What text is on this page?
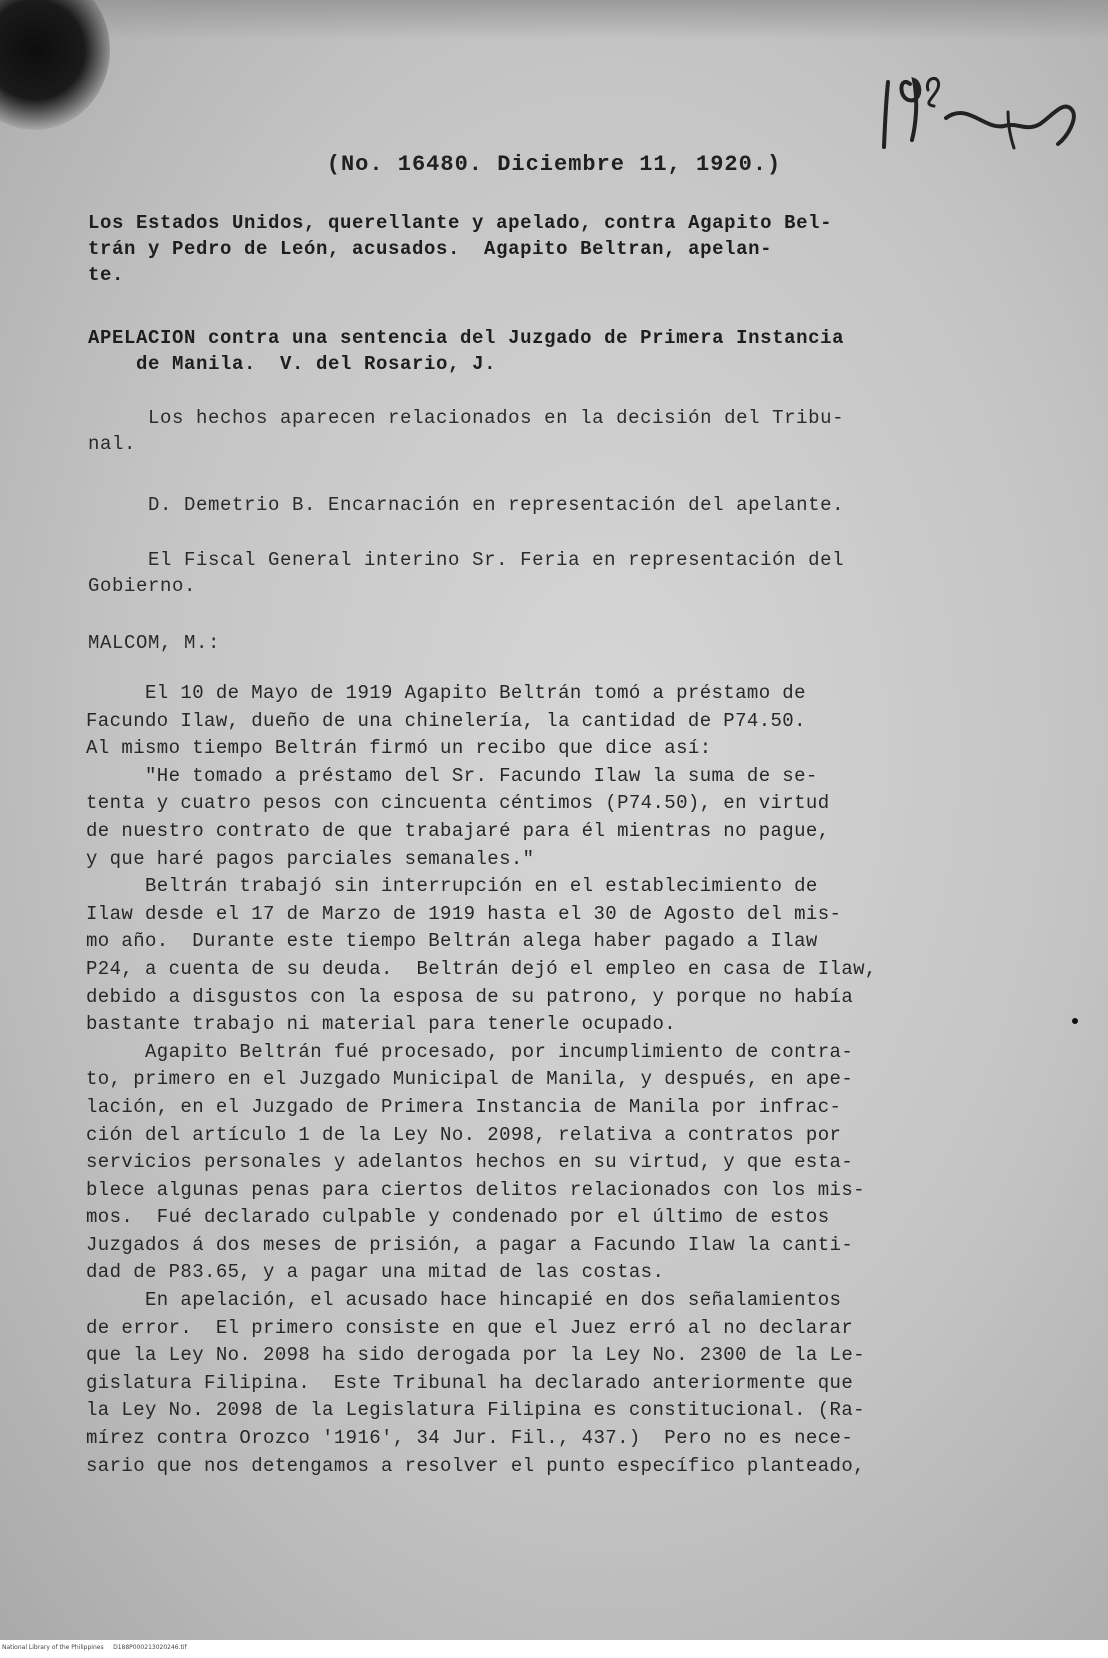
(No. 16480. Diciembre 11, 1920.)
Los Estados Unidos, querellante y apelado, contra Agapito Bel-
trán y Pedro de León, acusados.  Agapito Beltran, apelan-
te.
APELACION contra una sentencia del Juzgado de Primera Instancia
de Manila.  V. del Rosario, J.
Los hechos aparecen relacionados en la decisión del Tribu-
nal.
D. Demetrio B. Encarnación en representación del apelante.
El Fiscal General interino Sr. Feria en representación del
Gobierno.
MALCOM, M.:
El 10 de Mayo de 1919 Agapito Beltrán tomó a préstamo de
Facundo Ilaw, dueño de una chinelería, la cantidad de P74.50.
Al mismo tiempo Beltrán firmó un recibo que dice así:
"He tomado a préstamo del Sr. Facundo Ilaw la suma de se-
tenta y cuatro pesos con cincuenta céntimos (P74.50), en virtud
de nuestro contrato de que trabajaré para él mientras no pague,
y que haré pagos parciales semanales."
Beltrán trabajó sin interrupción en el establecimiento de
Ilaw desde el 17 de Marzo de 1919 hasta el 30 de Agosto del mis-
mo año.  Durante este tiempo Beltrán alega haber pagado a Ilaw
P24, a cuenta de su deuda.  Beltrán dejó el empleo en casa de Ilaw,
debido a disgustos con la esposa de su patrono, y porque no había
bastante trabajo ni material para tenerle ocupado.
Agapito Beltrán fué procesado, por incumplimiento de contra-
to, primero en el Juzgado Municipal de Manila, y después, en ape-
lación, en el Juzgado de Primera Instancia de Manila por infrac-
ción del artículo 1 de la Ley No. 2098, relativa a contratos por
servicios personales y adelantos hechos en su virtud, y que esta-
blece algunas penas para ciertos delitos relacionados con los mis-
mos.  Fué declarado culpable y condenado por el último de estos
Juzgados á dos meses de prisión, a pagar a Facundo Ilaw la canti-
dad de P83.65, y a pagar una mitad de las costas.
En apelación, el acusado hace hincapié en dos señalamientos
de error.  El primero consiste en que el Juez erró al no declarar
que la Ley No. 2098 ha sido derogada por la Ley No. 2300 de la Le-
gislatura Filipina.  Este Tribunal ha declarado anteriormente que
la Ley No. 2098 de la Legislatura Filipina es constitucional. (Ra-
mírez contra Orozco '1916', 34 Jur. Fil., 437.)  Pero no es nece-
sario que nos detengamos a resolver el punto específico planteado,
National Library of the Philippines     D188P000213020246.tif
